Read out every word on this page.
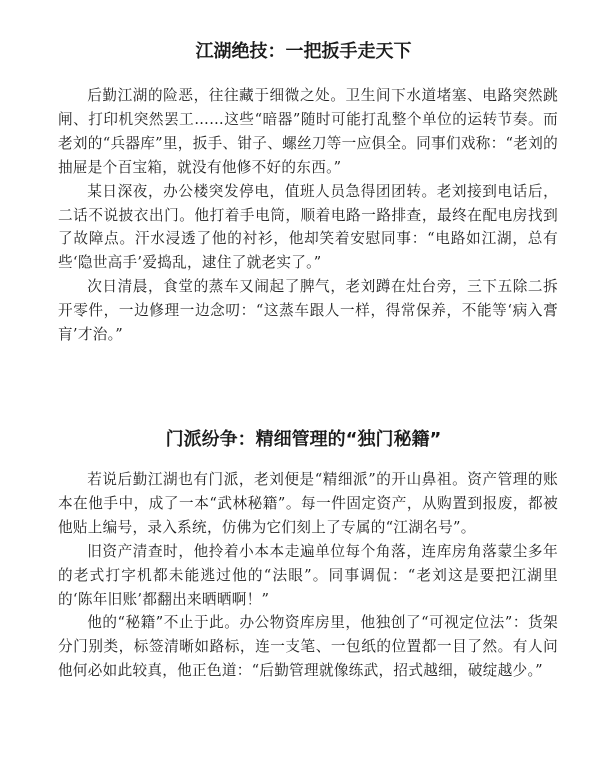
江湖绝技：一把扳手走天下

后勤江湖的险恶，往往藏于细微之处。卫生间下水道堵塞、电路突然跳闸、打印机突然罢工……这些“暗器”随时可能打乱整个单位的运转节奏。而老刘的“兵器库”里，扳手、钳子、螺丝刀等一应俱全。同事们戏称：“老刘的抽屉是个百宝箱，就没有他修不好的东西。”

某日深夜，办公楼突发停电，值班人员急得团团转。老刘接到电话后，二话不说披衣出门。他打着手电筒，顺着电路一路排查，最终在配电房找到了故障点。汗水浸透了他的衬衫，他却笑着安慰同事：“电路如江湖，总有些‘隐世高手’爱捣乱，逮住了就老实了。”

次日清晨，食堂的蒸车又闹起了脾气，老刘蹲在灶台旁，三下五除二拆开零件，一边修理一边念叨：“这蒸车跟人一样，得常保养，不能等‘病入膏肓’才治。”

门派纷争：精细管理的“独门秘籍”

若说后勤江湖也有门派，老刘便是“精细派”的开山鼻祖。资产管理的账本在他手中，成了一本“武林秘籍”。每一件固定资产，从购置到报废，都被他贴上编号，录入系统，仿佛为它们刻上了专属的“江湖名号”。

旧资产清查时，他拎着小本本走遍单位每个角落，连库房角落蒙尘多年的老式打字机都未能逃过他的“法眼”。同事调侃：“老刘这是要把江湖里的‘陈年旧账’都翻出来晒晒啊！”

他的“秘籍”不止于此。办公物资库房里，他独创了“可视定位法”：货架分门别类，标签清晰如路标，连一支笔、一包纸的位置都一目了然。有人问他何必如此较真，他正色道：“后勤管理就像练武，招式越细，破绽越少。”
